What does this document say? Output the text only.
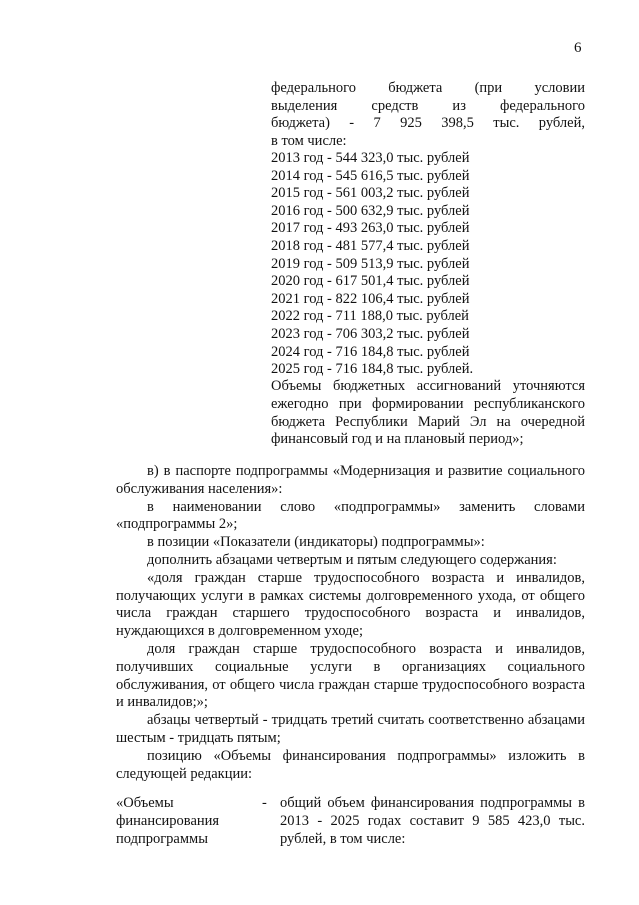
6
федерального бюджета (при условии
выделения средств из федерального
бюджета) - 7 925 398,5 тыс. рублей,
в том числе:
2013 год - 544 323,0 тыс. рублей
2014 год - 545 616,5 тыс. рублей
2015 год - 561 003,2 тыс. рублей
2016 год - 500 632,9 тыс. рублей
2017 год - 493 263,0 тыс. рублей
2018 год - 481 577,4 тыс. рублей
2019 год - 509 513,9 тыс. рублей
2020 год - 617 501,4 тыс. рублей
2021 год - 822 106,4 тыс. рублей
2022 год - 711 188,0 тыс. рублей
2023 год - 706 303,2 тыс. рублей
2024 год - 716 184,8 тыс. рублей
2025 год - 716 184,8 тыс. рублей.
Объемы бюджетных ассигнований уточняются ежегодно при формировании республиканского бюджета Республики Марий Эл на очередной финансовый год и на плановый период»;

в) в паспорте подпрограммы «Модернизация и развитие социального обслуживания населения»:

в наименовании слово «подпрограммы» заменить словами «подпрограммы 2»;

в позиции «Показатели (индикаторы) подпрограммы»:

дополнить абзацами четвертым и пятым следующего содержания:

«доля граждан старше трудоспособного возраста и инвалидов, получающих услуги в рамках системы долговременного ухода, от общего числа граждан старшего трудоспособного возраста и инвалидов, нуждающихся в долговременном уходе;

доля граждан старше трудоспособного возраста и инвалидов, получивших социальные услуги в организациях социального обслуживания, от общего числа граждан старше трудоспособного возраста и инвалидов;»;

абзацы четвертый - тридцать третий считать соответственно абзацами шестым - тридцать пятым;

позицию «Объемы финансирования подпрограммы» изложить в следующей редакции:

«Объемы финансирования подпрограммы
- общий объем финансирования подпрограммы в 2013 - 2025 годах составит 9 585 423,0 тыс. рублей, в том числе:
